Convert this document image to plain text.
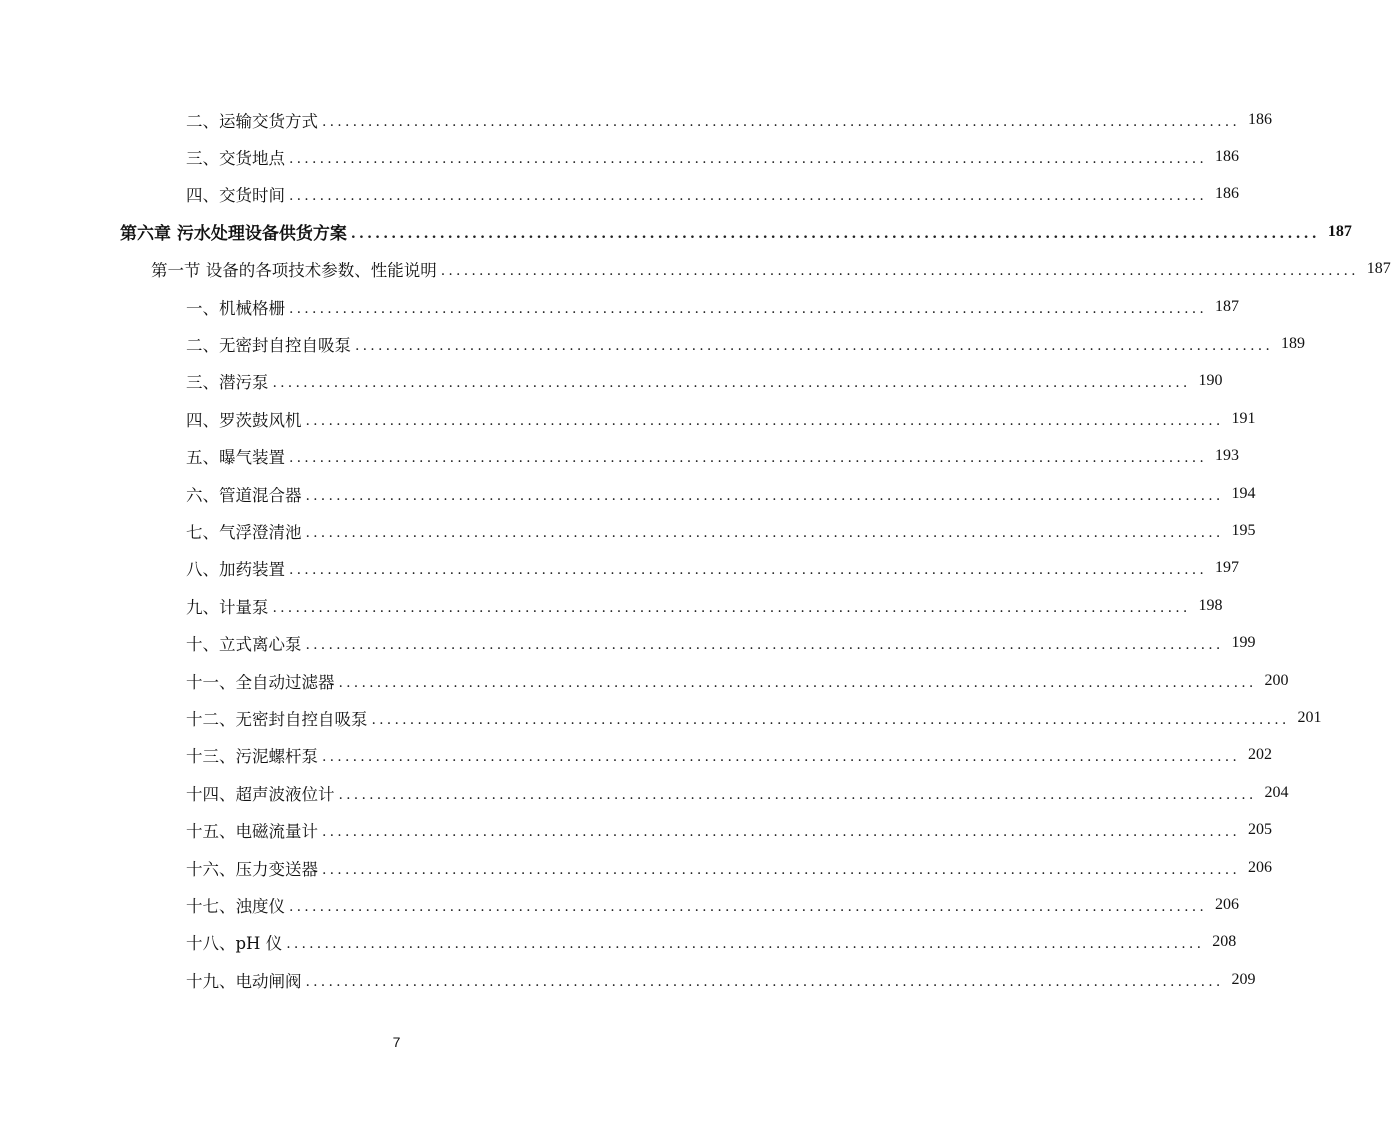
二、运输交货方式 ........................................................................................................................ 186
三、交货地点 ........................................................................................................................ 186
四、交货时间 ........................................................................................................................ 186
第六章 污水处理设备供货方案 ........................................................................................................................ 187
第一节 设备的各项技术参数、性能说明 ........................................................................................................................ 187
一、机械格栅 ........................................................................................................................ 187
二、无密封自控自吸泵 ........................................................................................................................ 189
三、潜污泵 ........................................................................................................................ 190
四、罗茨鼓风机 ........................................................................................................................ 191
五、曝气装置 ........................................................................................................................ 193
六、管道混合器 ........................................................................................................................ 194
七、气浮澄清池 ........................................................................................................................ 195
八、加药装置 ........................................................................................................................ 197
九、计量泵 ........................................................................................................................ 198
十、立式离心泵 ........................................................................................................................ 199
十一、全自动过滤器 ........................................................................................................................ 200
十二、无密封自控自吸泵 ........................................................................................................................ 201
十三、污泥螺杆泵 ........................................................................................................................ 202
十四、超声波液位计 ........................................................................................................................ 204
十五、电磁流量计 ........................................................................................................................ 205
十六、压力变送器 ........................................................................................................................ 206
十七、浊度仪 ........................................................................................................................ 206
十八、pH 仪 ........................................................................................................................ 208
十九、电动闸阀 ........................................................................................................................ 209
7
